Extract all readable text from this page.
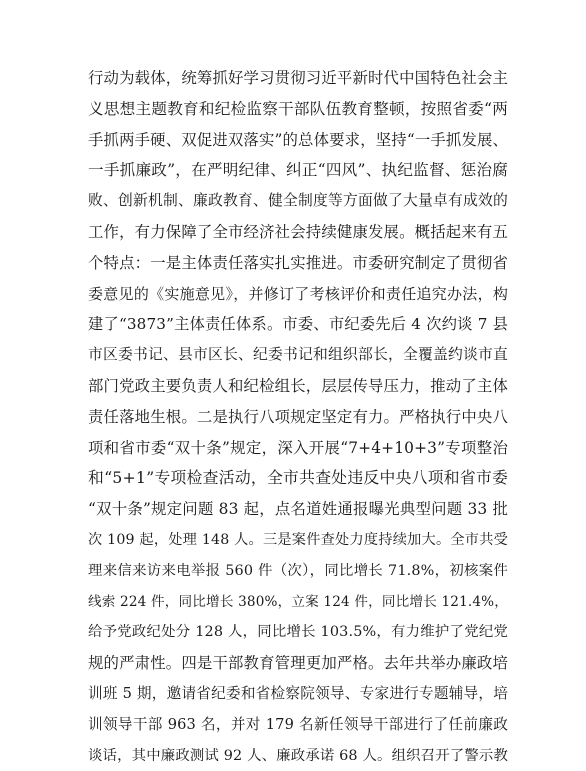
行动为载体，统筹抓好学习贯彻习近平新时代中国特色社会主
义思想主题教育和纪检监察干部队伍教育整顿，按照省委“两
手抓两手硬、双促进双落实”的总体要求，坚持“一手抓发展、
一手抓廉政”，在严明纪律、纠正“四风”、执纪监督、惩治腐
败、创新机制、廉政教育、健全制度等方面做了大量卓有成效的
工作，有力保障了全市经济社会持续健康发展。概括起来有五
个特点：一是主体责任落实扎实推进。市委研究制定了贯彻省
委意见的《实施意见》，并修订了考核评价和责任追究办法，构
建了“3873”主体责任体系。市委、市纪委先后 4 次约谈 7 县
市区委书记、县市区长、纪委书记和组织部长，全覆盖约谈市直
部门党政主要负责人和纪检组长，层层传导压力，推动了主体
责任落地生根。二是执行八项规定坚定有力。严格执行中央八
项和省市委“双十条”规定，深入开展“7+4+10+3”专项整治
和“5+1”专项检查活动，全市共查处违反中央八项和省市委
“双十条”规定问题 83 起，点名道姓通报曝光典型问题 33 批
次 109 起，处理 148 人。三是案件查处力度持续加大。全市共受
理来信来访来电举报 560 件（次），同比增长 71.8%，初核案件
线索 224 件，同比增长 380%，立案 124 件，同比增长 121.4%，
给予党政纪处分 128 人，同比增长 103.5%，有力维护了党纪党
规的严肃性。四是干部教育管理更加严格。去年共举办廉政培
训班 5 期，邀请省纪委和省检察院领导、专家进行专题辅导，培
训领导干部 963 名，并对 179 名新任领导干部进行了任前廉政
谈话，其中廉政测试 92 人、廉政承诺 68 人。组织召开了警示教
